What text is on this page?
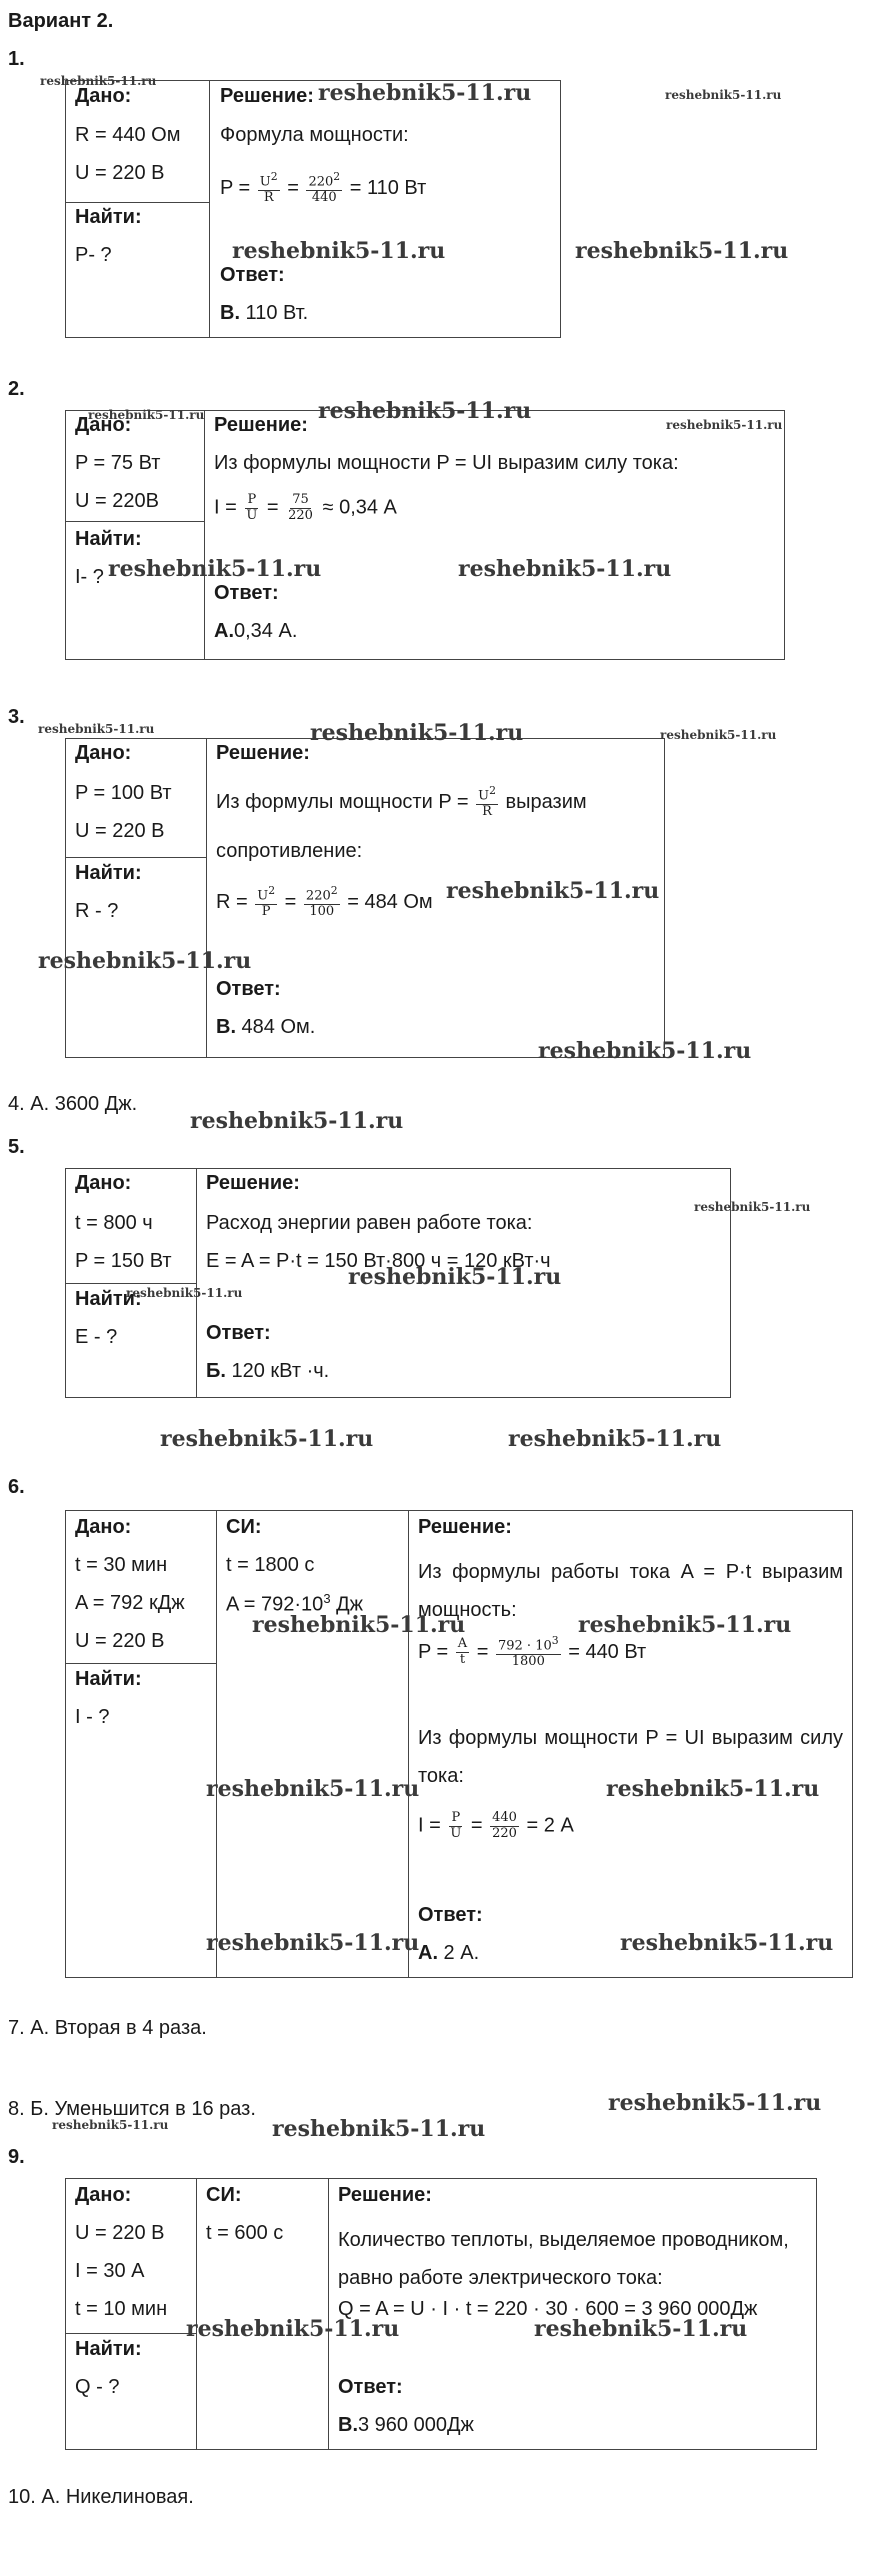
Вариант 2.
1.
Дано:
R = 440 Ом
U = 220 В
Найти:
P- ?
Решение:
Формула мощности:
$P = \frac{U^2}{R} = \frac{220^2}{440} = 110$ Вт
Ответ:
В. 110 Вт.
2.
Дано:
P = 75 Вт
U = 220В
Найти:
I- ?
Решение:
Из формулы мощности P = UI выразим силу тока:
$I = \frac{P}{U} = \frac{75}{220} \approx 0,34$ А
Ответ:
А.0,34 А.
3.
Дано:
P = 100 Вт
U = 220 В
Найти:
R - ?
Решение:
Из формулы мощности $P = \frac{U^2}{R}$ выразим
сопротивление:
$R = \frac{U^2}{P} = \frac{220^2}{100} = 484$ Ом
Ответ:
В. 484 Ом.
4. А. 3600 Дж.
5.
Дано:
t = 800 ч
P = 150 Вт
Найти:
E - ?
Решение:
Расход энергии равен работе тока:
E = A = P·t = 150 Вт·800 ч = 120 кВт·ч
Ответ:
Б. 120 кВт ·ч.
6.
Дано:
t = 30 мин
A = 792 кДж
U = 220 В
Найти:
I - ?
СИ:
t = 1800 с
$A = 792\cdot 10^3$ Дж
Решение:
Из формулы работы тока A = P·t выразим мощность:
$P = \frac{A}{t} = \frac{792 \cdot 10^3}{1800} = 440$ Вт
Из формулы мощности P = UI выразим силу тока:
$I = \frac{P}{U} = \frac{440}{220} = 2$ А
Ответ:
А. 2 А.
7. А. Вторая в 4 раза.
8. Б. Уменьшится в 16 раз.
9.
Дано:
U = 220 В
I = 30 А
t = 10 мин
Найти:
Q - ?
СИ:
t = 600 с
Решение:
Количество теплоты, выделяемое проводником, равно работе электрического тока:
Q = A = U · I · t = 220 · 30 · 600 = 3 960 000Дж
Ответ:
В.3 960 000Дж
10. А. Никелиновая.
reshebnik5-11.ru	reshebnik5-11.ru	reshebnik5-11.ru
reshebnik5-11.ru	reshebnik5-11.ru
reshebnik5-11.ru	reshebnik5-11.ru
reshebnik5-11.ru
reshebnik5-11.ru	reshebnik5-11.ru
reshebnik5-11.ru	reshebnik5-11.ru	reshebnik5-11.ru
reshebnik5-11.ru
reshebnik5-11.ru
reshebnik5-11.ru
reshebnik5-11.ru
reshebnik5-11.ru
reshebnik5-11.ru
reshebnik5-11.ru
reshebnik5-11.ru	reshebnik5-11.ru
reshebnik5-11.ru	reshebnik5-11.ru
reshebnik5-11.ru	reshebnik5-11.ru
reshebnik5-11.ru	reshebnik5-11.ru
reshebnik5-11.ru
reshebnik5-11.ru	reshebnik5-11.ru
reshebnik5-11.ru	reshebnik5-11.ru
